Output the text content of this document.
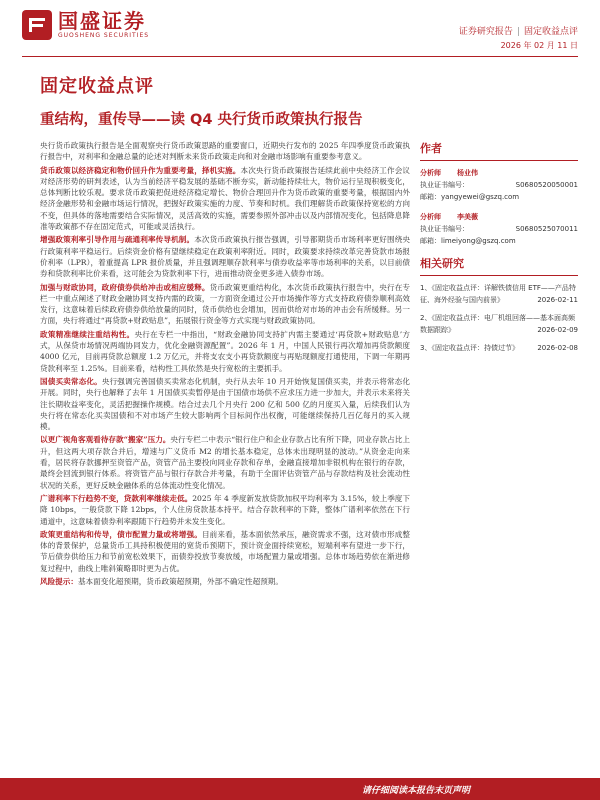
国盛证券
GUOSHENG SECURITIES	证券研究报告 | 固定收益点评
2026 年 02 月 11 日
固定收益点评
重结构，重传导——读 Q4 央行货币政策执行报告

央行货币政策执行报告是全面观察央行货币政策思路的重要窗口，近期央行发布的 2025 年四季度货币政策执行报告中，对利率和金融总量的论述对判断未来货币政策走向和对金融市场影响有重要参考意义。

货币政策以经济稳定和物价回升作为重要考量，择机实施。本次央行货币政策报告延续此前中央经济工作会议对经济形势的研判表述，认为当前经济平稳发展的基础不断夯实，新动能持续壮大，物价运行呈现积极变化，总体判断比较乐观。要求货币政策把促进经济稳定增长、物价合理回升作为货币政策的重要考量，根据国内外经济金融形势和金融市场运行情况，把握好政策实施的力度、节奏和时机。我们理解货币政策保持宽松的方向不变，但具体的落地需要结合实际情况，灵活高效的实施，需要参照外部冲击以及内部情况变化，包括降息降准等政策都不存在固定范式，可能或灵活执行。

增强政策利率引导作用与疏通利率传导机制。本次货币政策执行报告强调，引导都期货币市场利率更好围绕央行政策利率平稳运行。后续资金价格有望继续稳定在政策利率附近。同时，政策要求持续改革完善贷款市场报价利率（LPR），着重提高 LPR 报价质量，并且强调理顺存款利率与债券收益率等市场利率的关系，以目前债券和贷款利率比价来看，这可能会为贷款利率下行，进而推动资金更多进入债券市场。

加强与财政协同，政府债券供给冲击或相应缓释。货币政策更重结构化，本次货币政策执行报告中，央行在专栏一中重点阐述了财政金融协同支持内需的政策，一方面资金通过公开市场操作等方式支持政府债券顺利高效发行，这意味着后续政府债券供给放量的同时，货币供给也会增加，因而供给对市场的冲击会有所缓释。另一方面，央行将通过“再贷款+财政贴息”，拓展银行资金等方式实现与财政政策协同。

政策精准继续注重结构性。央行在专栏一中指出，“财政金融协同支持扩内需主要通过‘再贷款+财政贴息’方式，从保贷市场情况两端协同发力，优化金融资源配置”。2026 年 1 月，中国人民银行再次增加再贷款额度 4000 亿元，目前再贷款总额度 1.2 万亿元，并将支农支小再贷款额度与再贴现额度打通使用，下调一年期再贷款利率至 1.25%。目前来看，结构性工具依然是央行宽松的主要抓手。

国债买卖常态化。央行强调完善国债买卖常态化机制，央行从去年 10 月开始恢复国债买卖，并表示将常态化开展。同时，央行也解释了去年 1 月国债买卖暂停是由于国债市场供不应求压力进一步加大，并表示未来将关注长期收益率变化，灵活把握操作规模。结合过去几个月央行 200 亿和 500 亿的月度买入量，后续我们认为央行将在常态化买卖国债和不对市场产生较大影响两个目标间作出权衡，可能继续保持几百亿每月的买入规模。

以更广视角客观看待存款“搬家”压力。央行专栏二中表示“银行住户和企业存款占比有所下降，同业存款占比上升，但这两大项存款合并后，增速与广义货币 M2 的增长基本稳定，总体未出现明显的波动。”从资金走向来看，居民将存款挪押至资管产品，资管产品主要投向同业存款和存单，金融直接增加非银机构在银行的存款，最终会回流到银行体系。将资管产品与银行存款合并考量，有助于全面评估资管产品与存款结构及社会流动性状况的关系，更好反映金融体系的总体流动性变化情况。

广谱利率下行趋势不变，贷款利率继续走低。2025 年 4 季度新发放贷款加权平均利率为 3.15%，较上季度下降 10bps，一般贷款下降 12bps，个人住房贷款基本持平。结合存款利率的下降，整体广谱利率依然在下行通道中，这意味着债券利率跟随下行趋势并未发生变化。

政策更重结构和传导，债市配置力量或将增强。目前来看，基本面依然承压，融资需求不强，这对债市形成整体的背景保护，总量货币工具持积极使用的宽货币预期下，预计资金面持续宽松，短端利率有望进一步下行，节后债券供给压力和节前宽松效果下，而债券投放节奏放缓，市场配置力量或增强。总体市场趋势依在渐进修复过程中，曲线上唯斜策略即时更为占优。

风险提示：基本面变化超预期，货币政策超预期，外部不确定性超预期。

作者
分析师 杨业伟
执业证书编号：	S0680520050001
邮箱：yangyewei@gszq.com
分析师 李美薇
执业证书编号：	S0680525070011
邮箱：limeiyong@gszq.com
相关研究
1、《固定收益点评：详解铁债信用 ETF——产品特征、海外经验与国内前景》	2026-02-11
2、《固定收益点评：电厂机组回落——基本面高频数据跟踪》	2026-02-09
3、《固定收益点评：持债过节》	2026-02-08
请仔细阅读本报告末页声明
